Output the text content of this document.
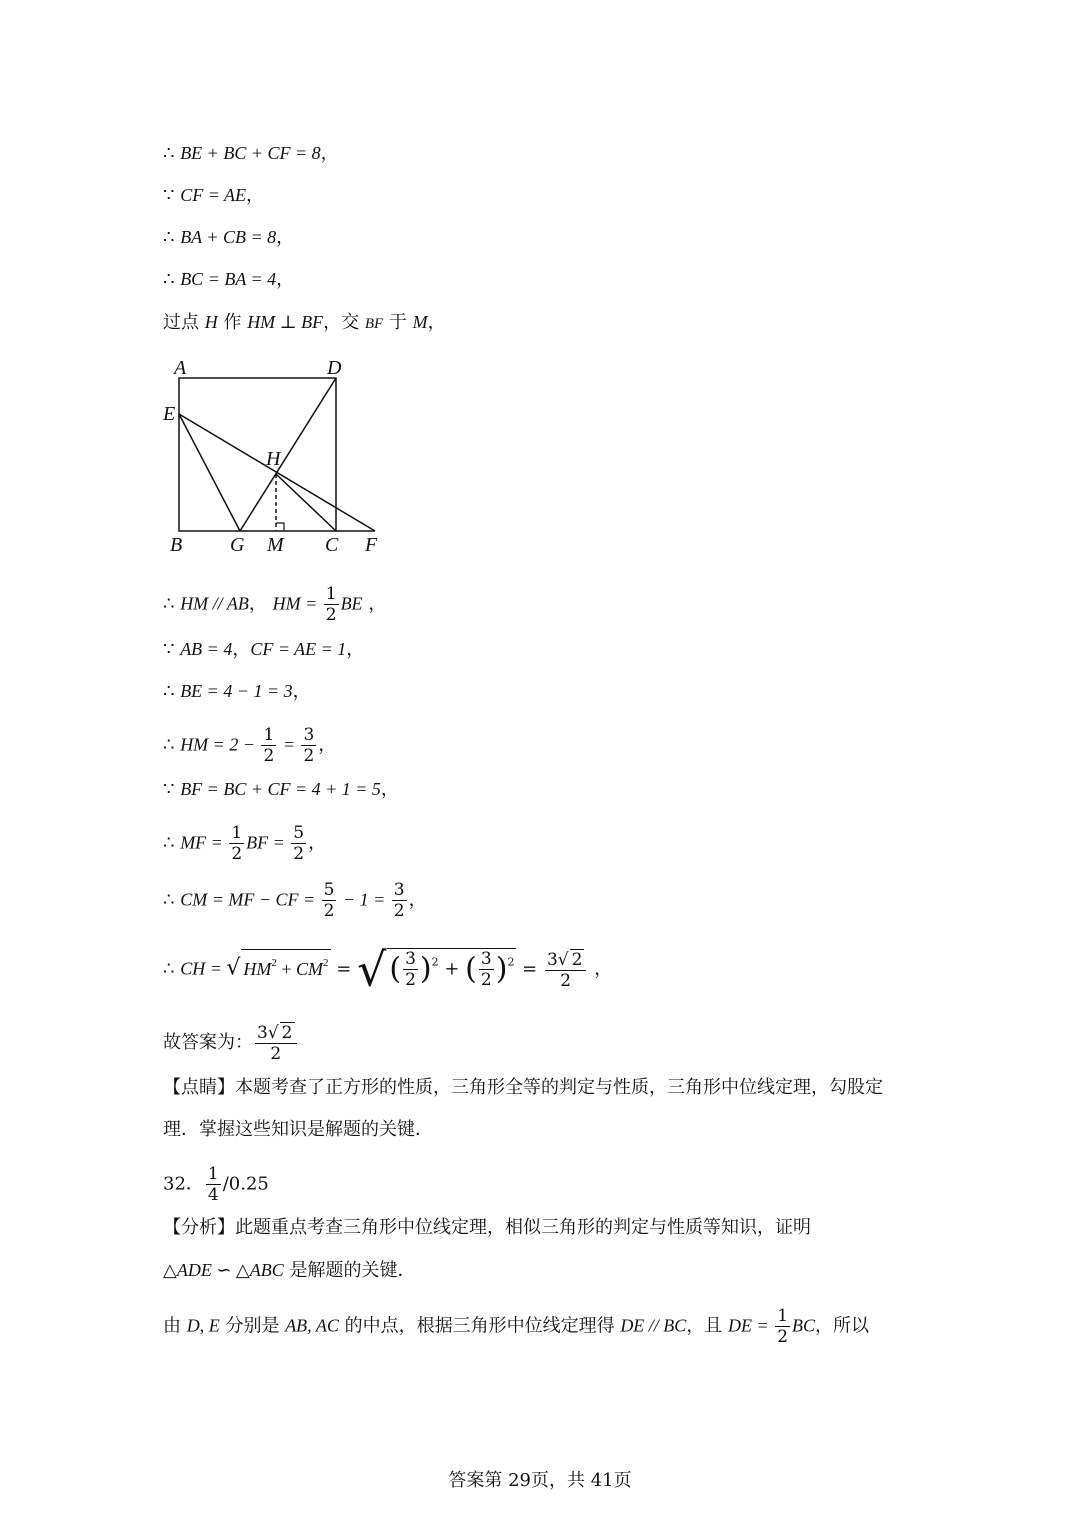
∴ BE + BC + CF = 8，
∵ CF = AE，
∴ BA + CB = 8，
∴ BC = BA = 4，
过点 H 作 HM ⊥ BF，交 BF 于 M，
A	D
E
H
B G M C F
∴ HM // AB， HM = $\frac{1}{2}$ BE ，
∵ AB = 4，CF = AE = 1，
∴ BE = 4 − 1 = 3，
∴ HM = $2 - \frac{1}{2} = \frac{3}{2}$ ，
∵ BF = BC + CF = 4 + 1 = 5，
∴ MF = $\frac{1}{2}$ BF = $\frac{5}{2}$ ，
∴ CM = MF − CF = $\frac{5}{2} - 1 = \frac{3}{2}$ ，
∴ CH = √ $HM^2 + CM^2$ = √ ( $\frac{3}{2} )^2$ + ( $\frac{3}{2} )^2 = \frac{3√ 2}{2}$ ，
故答案为： $\frac{3√ 2}{2}$
【点睛】本题考查了正方形的性质，三角形全等的判定与性质，三角形中位线定理，勾股定
理．掌握这些知识是解题的关键．
32． $\frac{1}{4} /0.25$
【分析】此题重点考查三角形中位线定理，相似三角形的判定与性质等知识，证明
△ADE ∽ △ABC 是解题的关键．
由 D, E 分别是 AB, AC 的中点，根据三角形中位线定理得 DE // BC，且 DE = $\frac{1}{2}$ BC，所以
答案第 29页，共 41页
